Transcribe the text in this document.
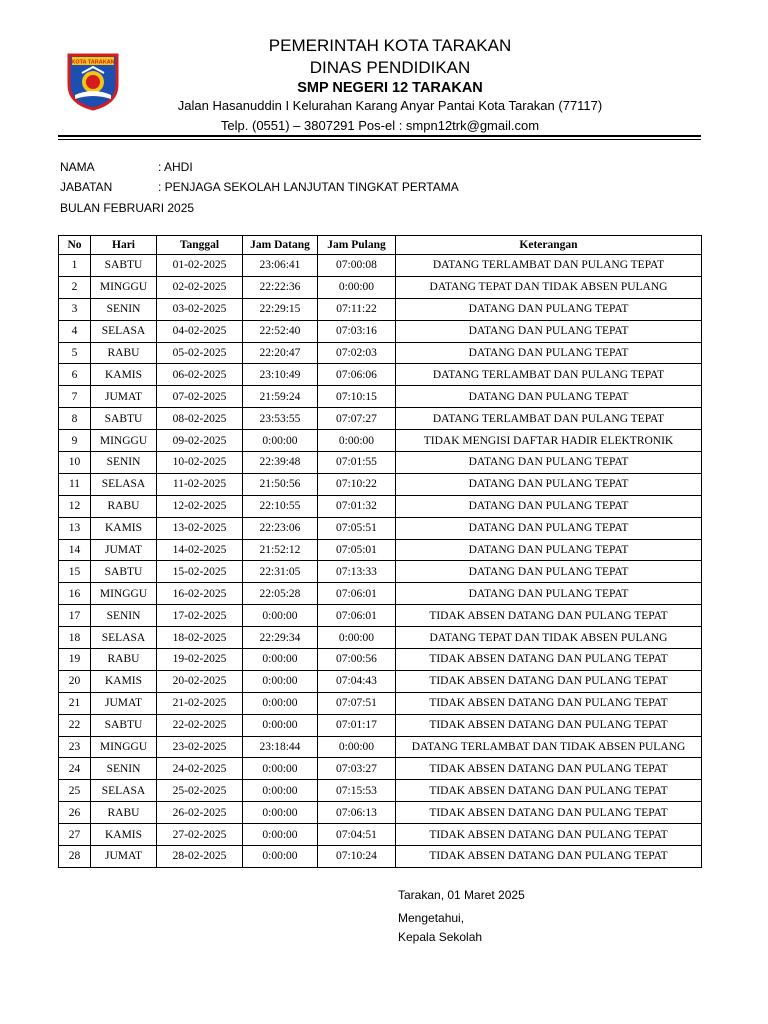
KOTA TARAKAN
PEMERINTAH KOTA TARAKAN
DINAS PENDIDIKAN
SMP NEGERI 12 TARAKAN
Jalan Hasanuddin I Kelurahan Karang Anyar Pantai Kota Tarakan (77117)
Telp. (0551) – 3807291 Pos-el : smpn12trk@gmail.com
NAMA	: AHDI
JABATAN	: PENJAGA SEKOLAH LANJUTAN TINGKAT PERTAMA
BULAN FEBRUARI 2025
No	Hari	Tanggal	Jam Datang	Jam Pulang	Keterangan
1	SABTU	01-02-2025	23:06:41	07:00:08	DATANG TERLAMBAT DAN PULANG TEPAT
2	MINGGU	02-02-2025	22:22:36	0:00:00	DATANG TEPAT DAN TIDAK ABSEN PULANG
3	SENIN	03-02-2025	22:29:15	07:11:22	DATANG DAN PULANG TEPAT
4	SELASA	04-02-2025	22:52:40	07:03:16	DATANG DAN PULANG TEPAT
5	RABU	05-02-2025	22:20:47	07:02:03	DATANG DAN PULANG TEPAT
6	KAMIS	06-02-2025	23:10:49	07:06:06	DATANG TERLAMBAT DAN PULANG TEPAT
7	JUMAT	07-02-2025	21:59:24	07:10:15	DATANG DAN PULANG TEPAT
8	SABTU	08-02-2025	23:53:55	07:07:27	DATANG TERLAMBAT DAN PULANG TEPAT
9	MINGGU	09-02-2025	0:00:00	0:00:00	TIDAK MENGISI DAFTAR HADIR ELEKTRONIK
10	SENIN	10-02-2025	22:39:48	07:01:55	DATANG DAN PULANG TEPAT
11	SELASA	11-02-2025	21:50:56	07:10:22	DATANG DAN PULANG TEPAT
12	RABU	12-02-2025	22:10:55	07:01:32	DATANG DAN PULANG TEPAT
13	KAMIS	13-02-2025	22:23:06	07:05:51	DATANG DAN PULANG TEPAT
14	JUMAT	14-02-2025	21:52:12	07:05:01	DATANG DAN PULANG TEPAT
15	SABTU	15-02-2025	22:31:05	07:13:33	DATANG DAN PULANG TEPAT
16	MINGGU	16-02-2025	22:05:28	07:06:01	DATANG DAN PULANG TEPAT
17	SENIN	17-02-2025	0:00:00	07:06:01	TIDAK ABSEN DATANG DAN PULANG TEPAT
18	SELASA	18-02-2025	22:29:34	0:00:00	DATANG TEPAT DAN TIDAK ABSEN PULANG
19	RABU	19-02-2025	0:00:00	07:00:56	TIDAK ABSEN DATANG DAN PULANG TEPAT
20	KAMIS	20-02-2025	0:00:00	07:04:43	TIDAK ABSEN DATANG DAN PULANG TEPAT
21	JUMAT	21-02-2025	0:00:00	07:07:51	TIDAK ABSEN DATANG DAN PULANG TEPAT
22	SABTU	22-02-2025	0:00:00	07:01:17	TIDAK ABSEN DATANG DAN PULANG TEPAT
23	MINGGU	23-02-2025	23:18:44	0:00:00	DATANG TERLAMBAT DAN TIDAK ABSEN PULANG
24	SENIN	24-02-2025	0:00:00	07:03:27	TIDAK ABSEN DATANG DAN PULANG TEPAT
25	SELASA	25-02-2025	0:00:00	07:15:53	TIDAK ABSEN DATANG DAN PULANG TEPAT
26	RABU	26-02-2025	0:00:00	07:06:13	TIDAK ABSEN DATANG DAN PULANG TEPAT
27	KAMIS	27-02-2025	0:00:00	07:04:51	TIDAK ABSEN DATANG DAN PULANG TEPAT
28	JUMAT	28-02-2025	0:00:00	07:10:24	TIDAK ABSEN DATANG DAN PULANG TEPAT
Tarakan, 01 Maret 2025
Mengetahui,
Kepala Sekolah
